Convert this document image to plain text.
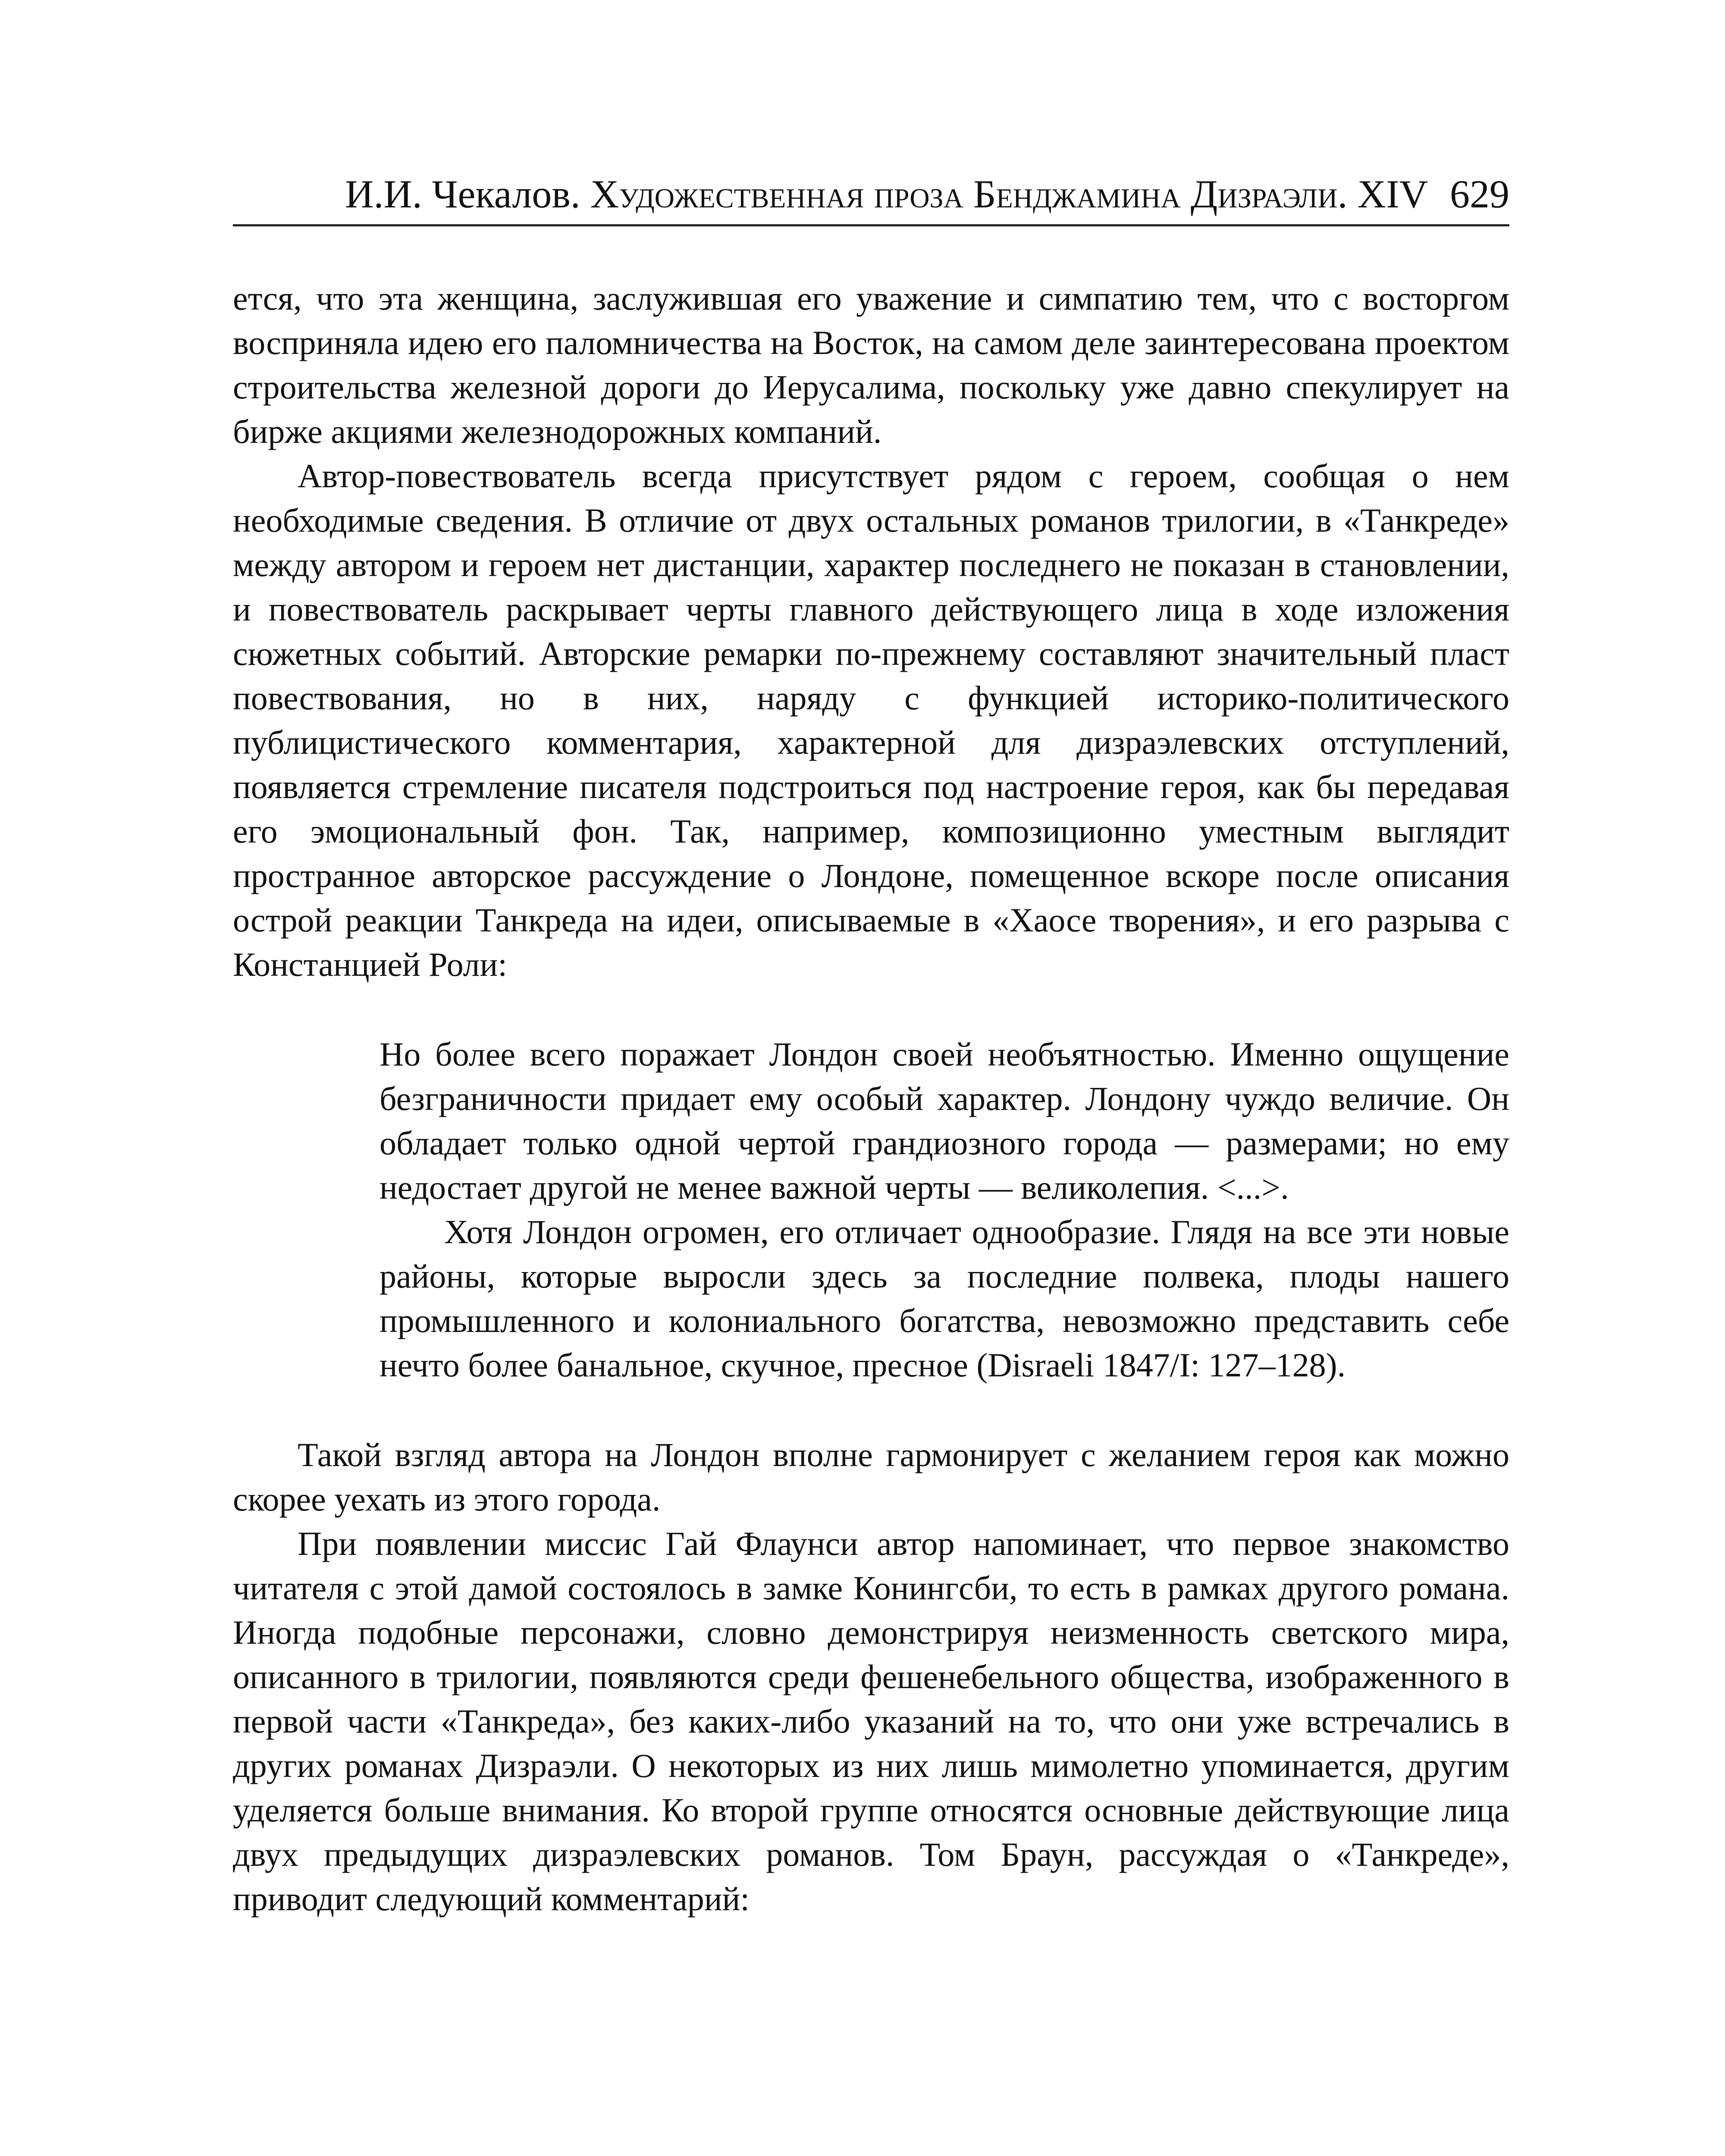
И.И. Чекалов. Художественная проза Бенджамина Дизраэли. XIV 629

ется, что эта женщина, заслужившая его уважение и симпатию тем, что с восторгом восприняла идею его паломничества на Восток, на самом деле заинтересована проектом строительства железной дороги до Иерусалима, поскольку уже давно спекулирует на бирже акциями железнодорожных компаний.

Автор-повествователь всегда присутствует рядом с героем, сообщая о нем необходимые сведения. В отличие от двух остальных романов трилогии, в «Танкреде» между автором и героем нет дистанции, характер последнего не показан в становлении, и повествователь раскрывает черты главного действующего лица в ходе изложения сюжетных событий. Авторские ремарки по-прежнему составляют значительный пласт повествования, но в них, наряду с функцией историко-политического публицистического комментария, характерной для дизраэлевских отступлений, появляется стремление писателя подстроиться под настроение героя, как бы передавая его эмоциональный фон. Так, например, композиционно уместным выглядит пространное авторское рассуждение о Лондоне, помещенное вскоре после описания острой реакции Танкреда на идеи, описываемые в «Хаосе творения», и его разрыва с Констанцией Роли:

Но более всего поражает Лондон своей необъятностью. Именно ощущение безграничности придает ему особый характер. Лондону чуждо величие. Он обладает только одной чертой грандиозного города — размерами; но ему недостает другой не менее важной черты — великолепия. <...>.

Хотя Лондон огромен, его отличает однообразие. Глядя на все эти новые районы, которые выросли здесь за последние полвека, плоды нашего промышленного и колониального богатства, невозможно представить себе нечто более банальное, скучное, пресное (Disraeli 1847/I: 127–128).

Такой взгляд автора на Лондон вполне гармонирует с желанием героя как можно скорее уехать из этого города.

При появлении миссис Гай Флаунси автор напоминает, что первое знакомство читателя с этой дамой состоялось в замке Конингсби, то есть в рамках другого романа. Иногда подобные персонажи, словно демонстрируя неизменность светского мира, описанного в трилогии, появляются среди фешенебельного общества, изображенного в первой части «Танкреда», без каких-либо указаний на то, что они уже встречались в других романах Дизраэли. О некоторых из них лишь мимолетно упоминается, другим уделяется больше внимания. Ко второй группе относятся основные действующие лица двух предыдущих дизраэлевских романов. Том Браун, рассуждая о «Танкреде», приводит следующий комментарий:
